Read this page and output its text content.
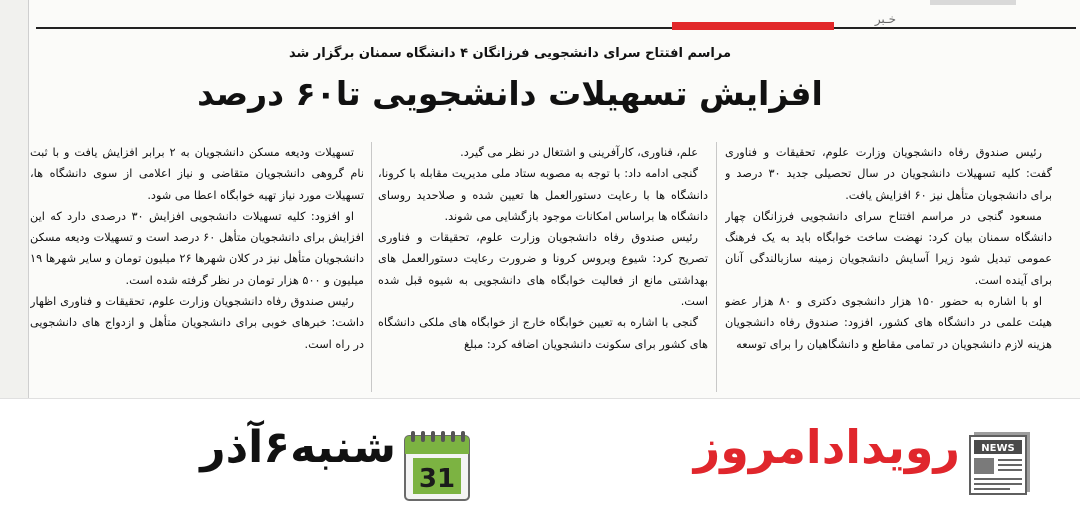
خـبر
مراسم افتتاح سرای دانشجویی فرزانگان ۴ دانشگاه سمنان برگزار شد
افزایش تسهیلات دانشجویی تا۶۰ درصد

رئیس صندوق رفاه دانشجویان وزارت علوم، تحقیقات و فناوری گفت: کلیه تسهیلات دانشجویان در سال تحصیلی جدید ۳۰ درصد و برای دانشجویان متأهل نیز ۶۰ افزایش یافت.

مسعود گنجی در مراسم افتتاح سرای دانشجویی فرزانگان چهار دانشگاه سمنان بیان کرد: نهضت ساخت خوابگاه باید به یک فرهنگ عمومی تبدیل شود زیرا آسایش دانشجویان زمینه سازبالندگی آنان برای آینده است.

او با اشاره به حضور ۱۵۰ هزار دانشجوی دکتری و ۸۰ هزار عضو هیئت علمی در دانشگاه های کشور، افزود: صندوق رفاه دانشجویان هزینه لازم دانشجویان در تمامی مقاطع و دانشگاهیان را برای توسعه

علم، فناوری، کارآفرینی و اشتغال در نظر می گیرد.

گنجی ادامه داد: با توجه به مصوبه ستاد ملی مدیریت مقابله با کرونا، دانشگاه ها با رعایت دستورالعمل ها تعیین شده و صلاحدید روسای دانشگاه ها براساس امکانات موجود بازگشایی می شوند.

رئیس صندوق رفاه دانشجویان وزارت علوم، تحقیقات و فناوری تصریح کرد: شیوع ویروس کرونا و ضرورت رعایت دستورالعمل های بهداشتی مانع از فعالیت خوابگاه های دانشجویی به شیوه قبل شده است.

گنجی با اشاره به تعیین خوابگاه خارج از خوابگاه های ملکی دانشگاه های کشور برای سکونت دانشجویان اضافه کرد: مبلغ

تسهیلات ودیعه مسکن دانشجویان به ۲ برابر افزایش یافت و با ثبت نام گروهی دانشجویان متقاضی و نیاز اعلامی از سوی دانشگاه ها، تسهیلات مورد نیاز تهیه خوابگاه اعطا می شود.

او افزود: کلیه تسهیلات دانشجویی افزایش ۳۰ درصدی دارد که این افزایش برای دانشجویان متأهل ۶۰ درصد است و تسهیلات ودیعه مسکن دانشجویان متأهل نیز در کلان شهرها ۲۶ میلیون تومان و سایر شهرها ۱۹ میلیون و ۵۰۰ هزار تومان در نظر گرفته شده است.

رئیس صندوق رفاه دانشجویان وزارت علوم، تحقیقات و فناوری اظهار داشت: خبرهای خوبی برای دانشجویان متأهل و ازدواج های دانشجویی در راه است.

NEWS
رویدادامروز
31
شنبه۶آذر
